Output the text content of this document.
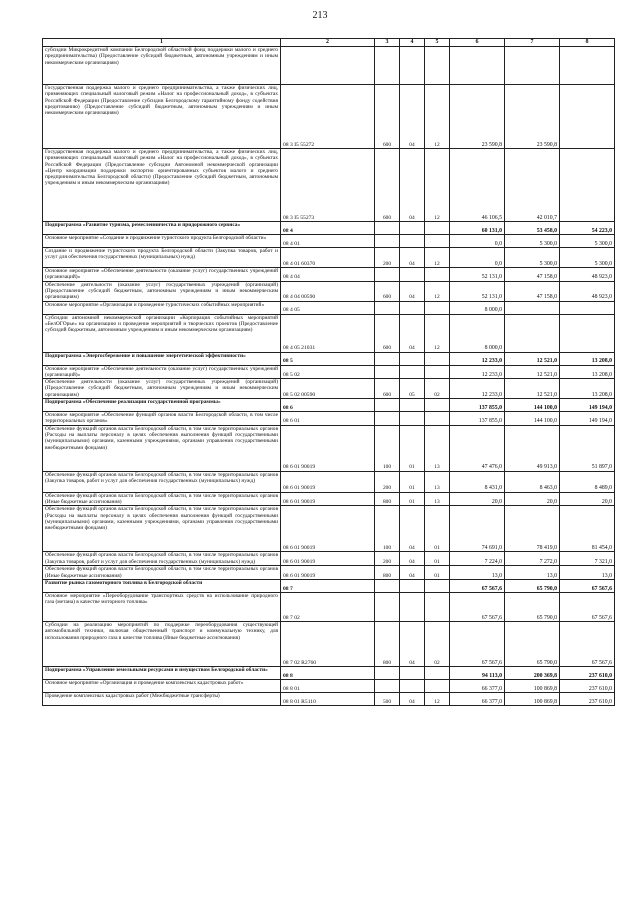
213
1	2	3	4	5	6	7	8
субсидии Микрокредитной компании Белгородской областной фонд поддержки малого и среднего предпринимательства) (Предоставление субсидий бюджетным, автономным учреждениям и иным некоммерческим организациям)							
Государственная поддержка малого и среднего предпринимательства, а также физических лиц, применяющих специальный налоговый режим «Налог на профессиональный доход», в субъектах Российской Федерации (Предоставление субсидии Белгородскому гарантийному фонду содействия кредитованию) (Предоставление субсидий бюджетным, автономным учреждениям и иным некоммерческим организациям)	08 3 I5 55272	600	04	12	23 590,8	23 590,8	
Государственная поддержка малого и среднего предпринимательства, а также физических лиц, применяющих специальный налоговый режим «Налог на профессиональный доход», в субъектах Российской Федерации (Предоставление субсидии Автономной некоммерческой организации «Центр координации поддержки экспортно ориентированных субъектов малого и среднего предпринимательства Белгородской области) (Предоставление субсидий бюджетным, автономным учреждениям и иным некоммерческим организациям)	08 3 I5 55273	600	04	12	46 106,5	42 010,7	
Подпрограмма «Развитие туризма, ремесленничества и придорожного сервиса»	08 4				60 131,0	53 458,0	54 223,0
Основное мероприятие «Создание и продвижение туристского продукта Белгородской области»	08 4 01				0,0	5 300,0	5 300,0
Создание и продвижение туристского продукта Белгородской области (Закупка товаров, работ и услуг для обеспечения государственных (муниципальных) нужд)	08 4 01 60370	200	04	12	0,0	5 300,0	5 300,0
Основное мероприятие «Обеспечение деятельности (оказание услуг) государственных учреждений (организаций)»	08 4 04				52 131,0	47 158,0	48 923,0
Обеспечение деятельности (оказание услуг) государственных учреждений (организаций) (Предоставление субсидий бюджетным, автономным учреждениям и иным некоммерческим организациям)	08 4 04 00590	600	04	12	52 131,0	47 158,0	48 923,0
Основное мероприятие «Организация и проведение туристических событийных мероприятий»	08 4 05				8 000,0		
Субсидии автономной некоммерческой организации «Корпорация событийных мероприятий «БелОГОрье» на организацию и проведение мероприятий и творческих проектов (Предоставление субсидий бюджетным, автономным учреждениям и иным некоммерческим организациям)	08 4 05 21031	600	04	12	8 000,0		
Подпрограмма «Энергосбережение и повышение энергетической эффективности»	08 5				12 233,0	12 521,0	13 208,0
Основное мероприятие «Обеспечение деятельности (оказание услуг) государственных учреждений (организаций)»	08 5 02				12 233,0	12 521,0	13 208,0
Обеспечение деятельности (оказание услуг) государственных учреждений (организаций) (Предоставление субсидий бюджетным, автономным учреждениям и иным некоммерческим организациям)	08 5 02 00590	600	05	02	12 233,0	12 521,0	13 208,0
Подпрограмма «Обеспечение реализации государственной программы»	08 6				137 855,0	144 100,0	149 194,0
Основное мероприятие «Обеспечение функций органов власти Белгородской области, в том числе территориальных органов»	08 6 01				137 855,0	144 100,0	149 194,0
Обеспечение функций органов власти Белгородской области, в том числе территориальных органов (Расходы на выплаты персоналу в целях обеспечения выполнения функций государственными (муниципальными) органами, казенными учреждениями, органами управления государственными внебюджетными фондами)	08 6 01 90019	100	01	13	47 476,0	49 913,0	51 897,0
Обеспечение функций органов власти Белгородской области, в том числе территориальных органов (Закупка товаров, работ и услуг для обеспечения государственных (муниципальных) нужд)	08 6 01 90019	200	01	13	8 431,0	8 463,0	8 489,0
Обеспечение функций органов власти Белгородской области, в том числе территориальных органов (Иные бюджетные ассигнования)	08 6 01 90019	800	01	13	20,0	20,0	20,0
Обеспечение функций органов власти Белгородской области, в том числе территориальных органов (Расходы на выплаты персоналу в целях обеспечения выполнения функций государственными (муниципальными) органами, казенными учреждениями, органами управления государственными внебюджетными фондами)	08 6 01 90019	100	04	01	74 691,0	78 419,0	81 454,0
Обеспечение функций органов власти Белгородской области, в том числе территориальных органов (Закупка товаров, работ и услуг для обеспечения государственных (муниципальных) нужд)	08 6 01 90019	200	04	01	7 224,0	7 272,0	7 321,0
Обеспечение функций органов власти Белгородской области, в том числе территориальных органов (Иные бюджетные ассигнования)	08 6 01 90019	800	04	01	13,0	13,0	13,0
Развитие рынка газомоторного топлива в Белгородской области	08 7				67 567,6	65 790,0	67 567,6
Основное мероприятие «Переоборудование транспортных средств на использование природного газа (метана) в качестве моторного топлива»	08 7 02				67 567,6	65 790,0	67 567,6
Субсидии на реализацию мероприятий по поддержке переоборудования существующей автомобильной техники, включая общественный транспорт и коммунальную технику, для использования природного газа в качестве топлива (Иные бюджетные ассигнования)	08 7 02 R2760	800	04	02	67 567,6	65 790,0	67 567,6
Подпрограмма «Управление земельными ресурсами и имуществом Белгородской области»	08 8				94 113,0	200 369,8	237 610,0
Основное мероприятие «Организация и проведение комплексных кадастровых работ»	08 8 01				66 377,0	100 869,8	237 610,0
Проведение комплексных кадастровых работ (Межбюджетные трансферты)	08 8 01 R5110	500	04	12	66 377,0	100 869,8	237 610,0
